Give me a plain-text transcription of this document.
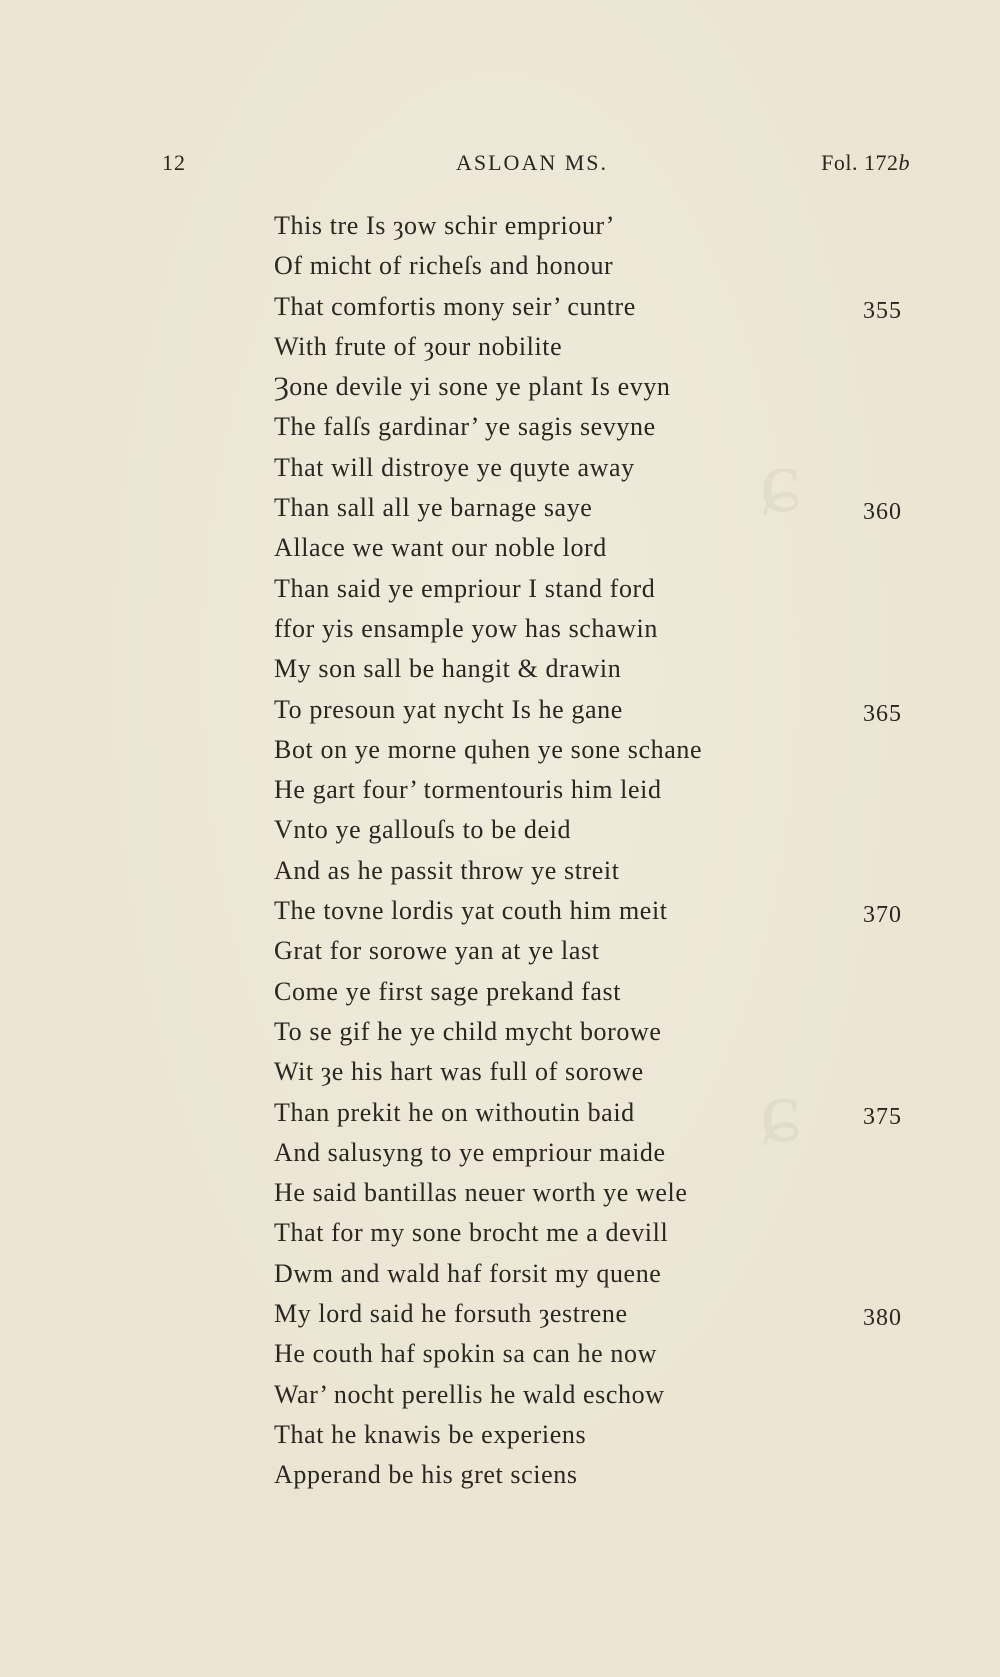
ɕ
ɕ
12	ASLOAN MS.	Fol. 172b
This tre Is ȝow schir empriour’
Of micht of richeſs and honour
That comfortis mony seir’ cuntre	355
With frute of ȝour nobilite
Ȝone devile yi sone ye plant Is evyn
The falſs gardinar’ ye sagis sevyne
That will distroye ye quyte away
Than sall all ye barnage saye	360
Allace we want our noble lord
Than said ye empriour I stand ford
ffor yis ensample yow has schawin
My son sall be hangit & drawin
To presoun yat nycht Is he gane	365
Bot on ye morne quhen ye sone schane
He gart four’ tormentouris him leid
Vnto ye gallouſs to be deid
And as he passit throw ye streit
The tovne lordis yat couth him meit	370
Grat for sorowe yan at ye last
Come ye first sage prekand fast
To se gif he ye child mycht borowe
Wit ȝe his hart was full of sorowe
Than prekit he on withoutin baid	375
And salusyng to ye empriour maide
He said bantillas neuer worth ye wele
That for my sone brocht me a devill
Dwm and wald haf forsit my quene
My lord said he forsuth ȝestrene	380
He couth haf spokin sa can he now
War’ nocht perellis he wald eschow
That he knawis be experiens
Apperand be his gret sciens
